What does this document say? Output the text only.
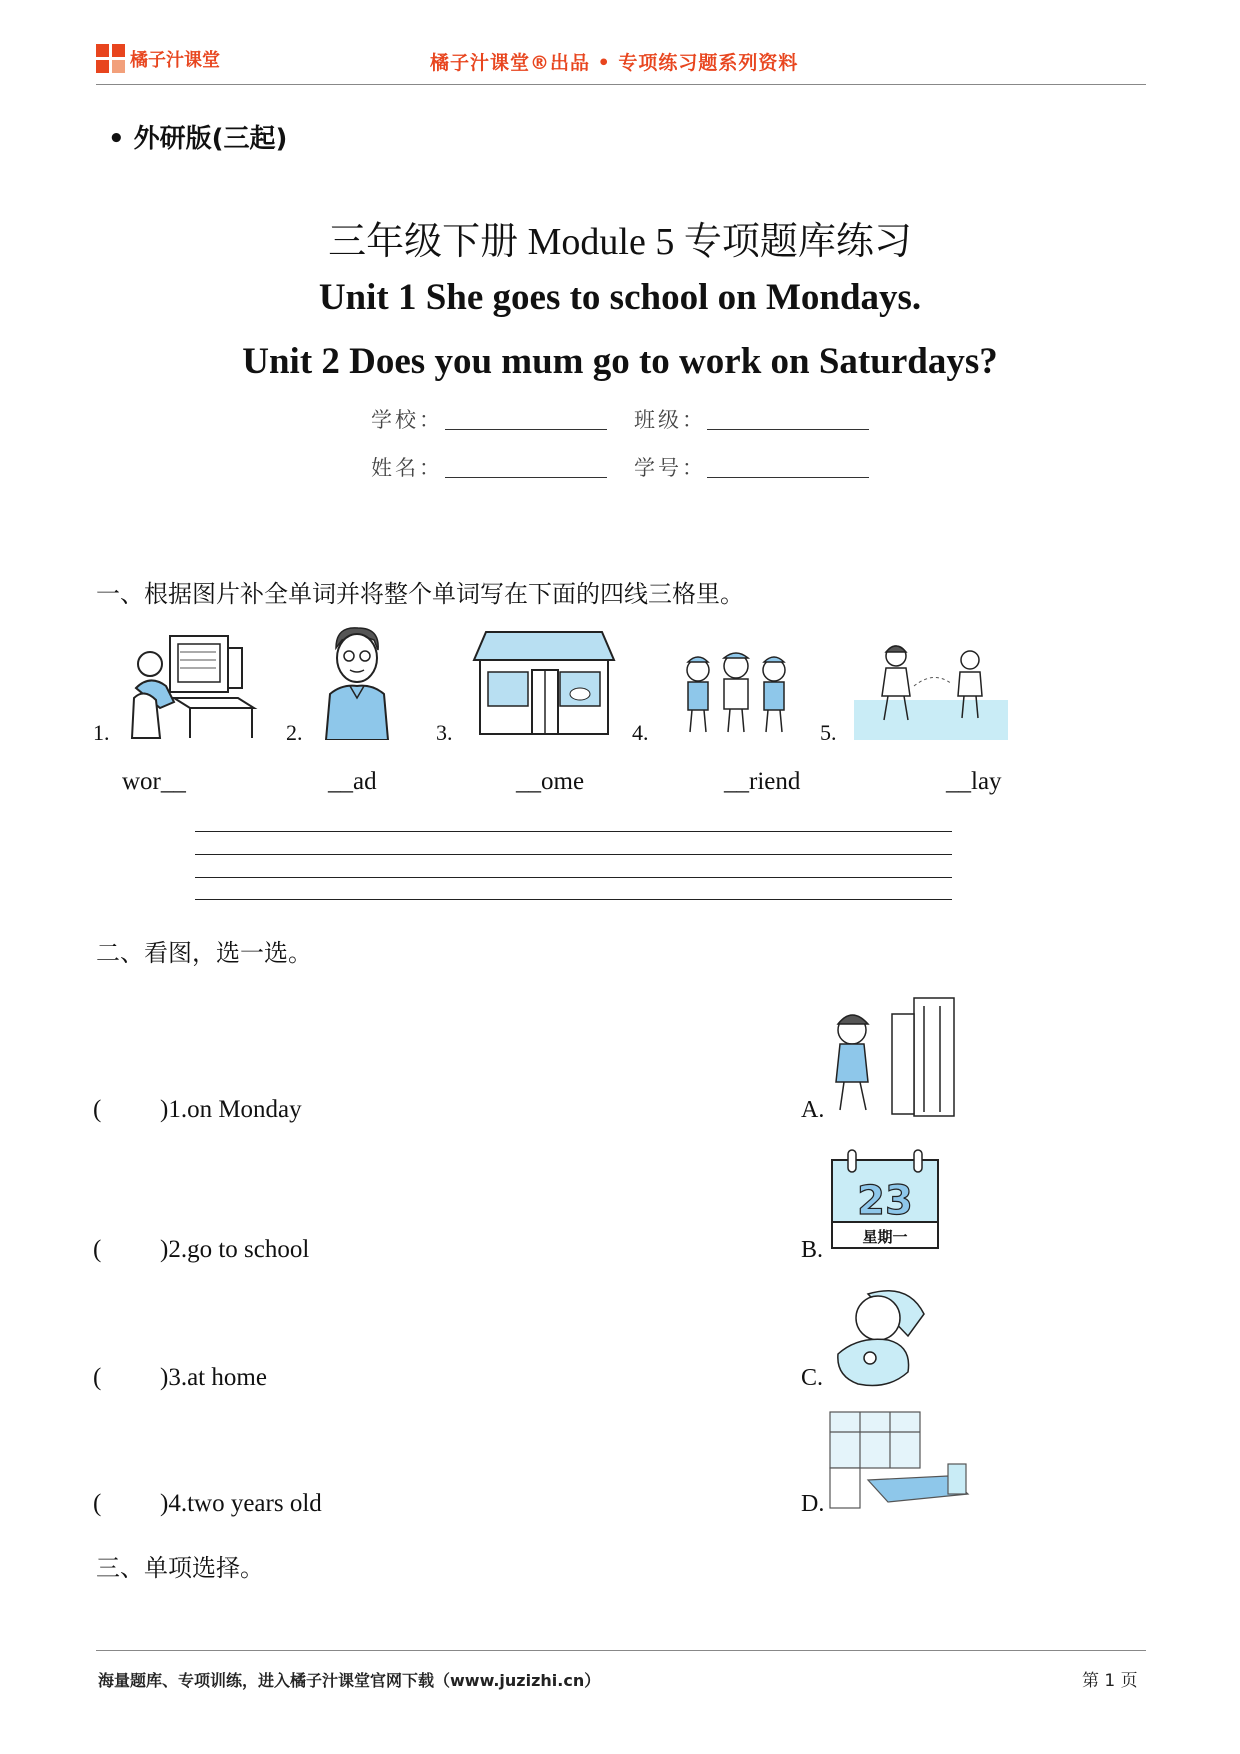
橘子汁课堂	橘子汁课堂®出品 • 专项练习题系列资料
• 外研版(三起)
三年级下册 Module 5 专项题库练习
Unit 1 She goes to school on Mondays.
Unit 2 Does you mum go to work on Saturdays?
学校：	班级：
姓名：	学号：
一、根据图片补全单词并将整个单词写在下面的四线三格里。
1.
wor__
2.
__ad
3.
__ome
4.
__riend
5.
__lay
二、看图，选一选。
( )1.on Monday
( )2.go to school
( )3.at home
( )4.two years old
A.
B.
23
星期一
C.
D.
三、单项选择。
海量题库、专项训练，进入橘子汁课堂官网下载（www.juzizhi.cn）	第 1 页
